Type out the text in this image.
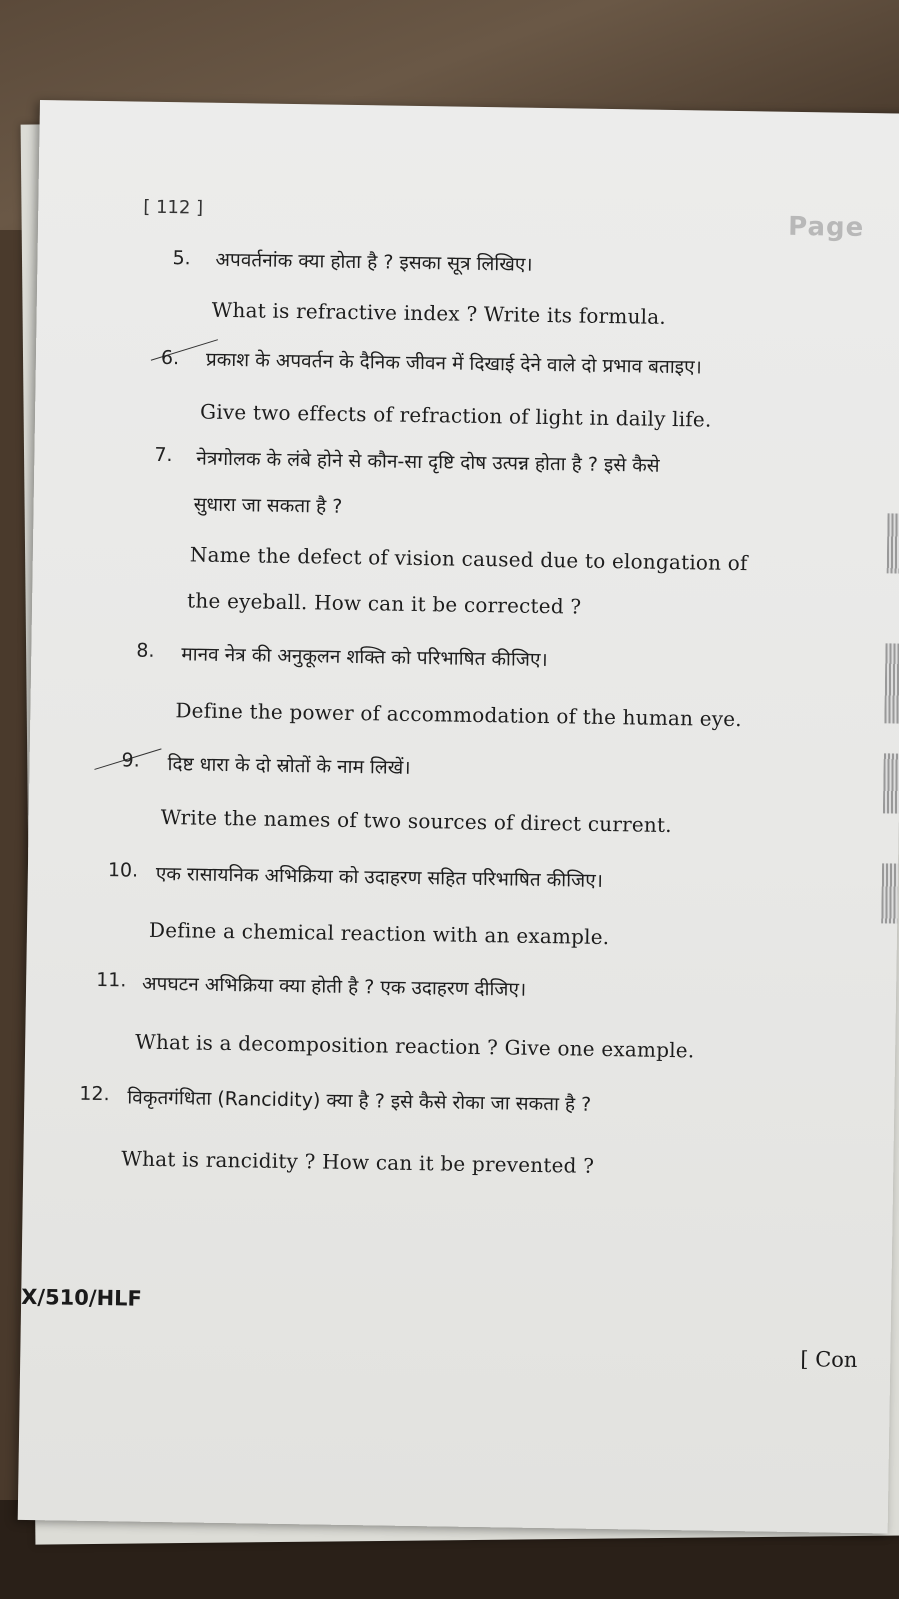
[ 112 ]
Page
5. अपवर्तनांक क्या होता है ? इसका सूत्र लिखिए।
What is refractive index ? Write its formula.
6. प्रकाश के अपवर्तन के दैनिक जीवन में दिखाई देने वाले दो प्रभाव बताइए।
Give two effects of refraction of light in daily life.
7. नेत्रगोलक के लंबे होने से कौन-सा दृष्टि दोष उत्पन्न होता है ? इसे कैसे
सुधारा जा सकता है ?
Name the defect of vision caused due to elongation of
the eyeball. How can it be corrected ?
8. मानव नेत्र की अनुकूलन शक्ति को परिभाषित कीजिए।
Define the power of accommodation of the human eye.
9. दिष्ट धारा के दो स्रोतों के नाम लिखें।
Write the names of two sources of direct current.
10. एक रासायनिक अभिक्रिया को उदाहरण सहित परिभाषित कीजिए।
Define a chemical reaction with an example.
11. अपघटन अभिक्रिया क्या होती है ? एक उदाहरण दीजिए।
What is a decomposition reaction ? Give one example.
12. विकृतगंधिता (Rancidity) क्या है ? इसे कैसे रोका जा सकता है ?
What is rancidity ? How can it be prevented ?
X/510/HLF
[ Con
